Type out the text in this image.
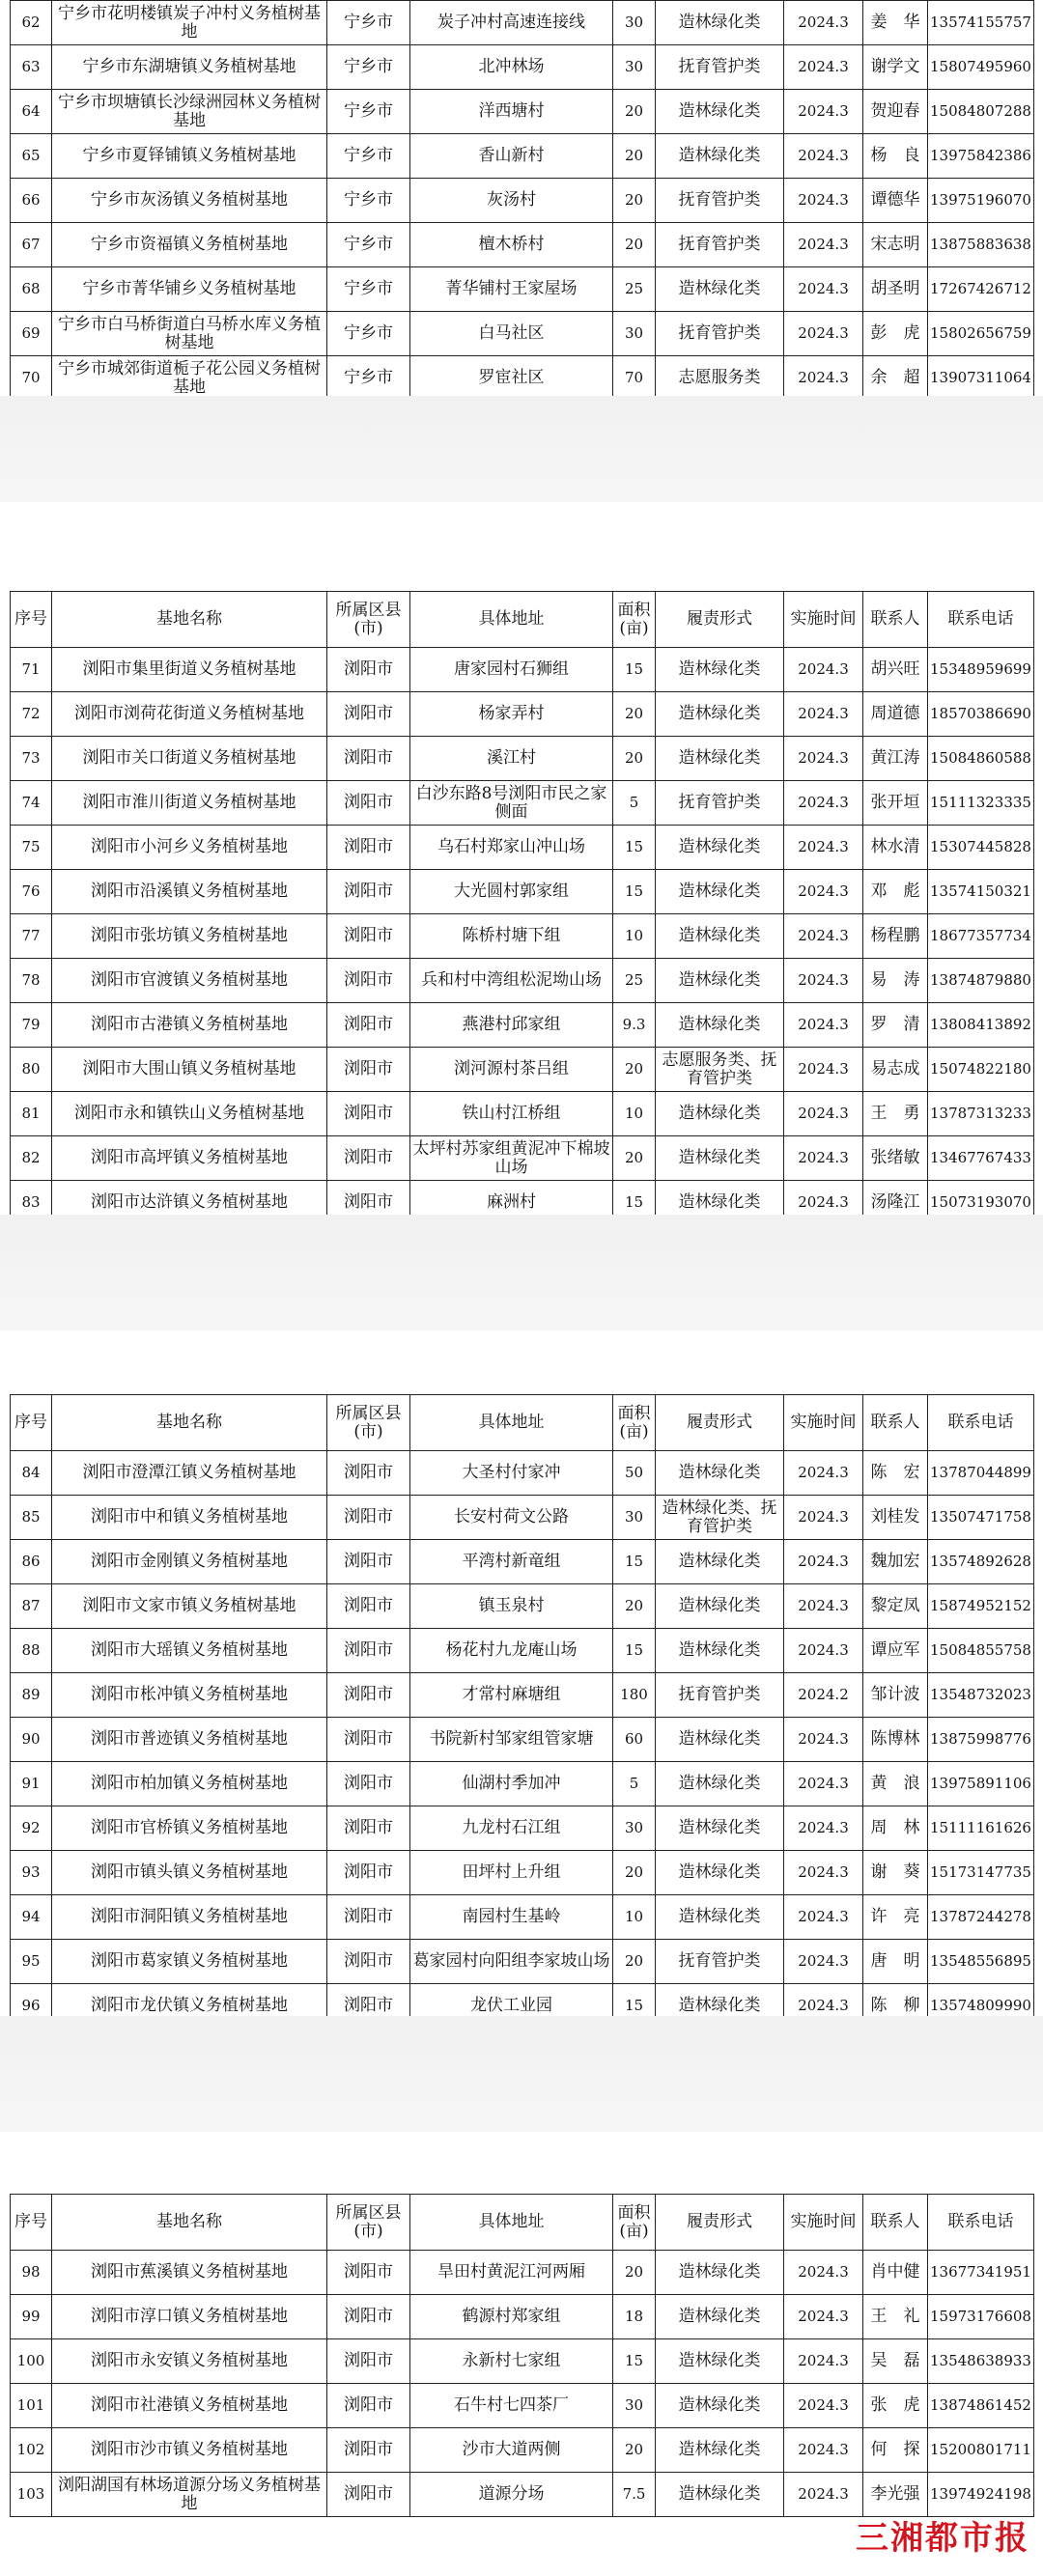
62	宁乡市花明楼镇炭子冲村义务植树基地	宁乡市	炭子冲村高速连接线	30	造林绿化类	2024.3	姜　华	13574155757
63	宁乡市东湖塘镇义务植树基地	宁乡市	北冲林场	30	抚育管护类	2024.3	谢学文	15807495960
64	宁乡市坝塘镇长沙绿洲园林义务植树基地	宁乡市	洋西塘村	20	造林绿化类	2024.3	贺迎春	15084807288
65	宁乡市夏铎铺镇义务植树基地	宁乡市	香山新村	20	造林绿化类	2024.3	杨　良	13975842386
66	宁乡市灰汤镇义务植树基地	宁乡市	灰汤村	20	抚育管护类	2024.3	谭德华	13975196070
67	宁乡市资福镇义务植树基地	宁乡市	檀木桥村	20	抚育管护类	2024.3	宋志明	13875883638
68	宁乡市菁华铺乡义务植树基地	宁乡市	菁华铺村王家屋场	25	造林绿化类	2024.3	胡圣明	17267426712
69	宁乡市白马桥街道白马桥水库义务植树基地	宁乡市	白马社区	30	抚育管护类	2024.3	彭　虎	15802656759
70	宁乡市城郊街道栀子花公园义务植树基地	宁乡市	罗宦社区	70	志愿服务类	2024.3	余　超	13907311064
序号	基地名称	所属区县(市)	具体地址	面积(亩)	履责形式	实施时间	联系人	联系电话
71	浏阳市集里街道义务植树基地	浏阳市	唐家园村石狮组	15	造林绿化类	2024.3	胡兴旺	15348959699
72	浏阳市浏荷花街道义务植树基地	浏阳市	杨家弄村	20	造林绿化类	2024.3	周道德	18570386690
73	浏阳市关口街道义务植树基地	浏阳市	溪江村	20	造林绿化类	2024.3	黄江涛	15084860588
74	浏阳市淮川街道义务植树基地	浏阳市	白沙东路8号浏阳市民之家侧面	5	抚育管护类	2024.3	张开垣	15111323335
75	浏阳市小河乡义务植树基地	浏阳市	乌石村郑家山冲山场	15	造林绿化类	2024.3	林水清	15307445828
76	浏阳市沿溪镇义务植树基地	浏阳市	大光圆村郭家组	15	造林绿化类	2024.3	邓　彪	13574150321
77	浏阳市张坊镇义务植树基地	浏阳市	陈桥村塘下组	10	造林绿化类	2024.3	杨程鹏	18677357734
78	浏阳市官渡镇义务植树基地	浏阳市	兵和村中湾组松泥坳山场	25	造林绿化类	2024.3	易　涛	13874879880
79	浏阳市古港镇义务植树基地	浏阳市	燕港村邱家组	9.3	造林绿化类	2024.3	罗　清	13808413892
80	浏阳市大围山镇义务植树基地	浏阳市	浏河源村茶吕组	20	志愿服务类、抚育管护类	2024.3	易志成	15074822180
81	浏阳市永和镇铁山义务植树基地	浏阳市	铁山村江桥组	10	造林绿化类	2024.3	王　勇	13787313233
82	浏阳市高坪镇义务植树基地	浏阳市	太坪村苏家组黄泥冲下棉坡山场	20	造林绿化类	2024.3	张绪敏	13467767433
83	浏阳市达浒镇义务植树基地	浏阳市	麻洲村	15	造林绿化类	2024.3	汤隆江	15073193070
序号	基地名称	所属区县(市)	具体地址	面积(亩)	履责形式	实施时间	联系人	联系电话
84	浏阳市澄潭江镇义务植树基地	浏阳市	大圣村付家冲	50	造林绿化类	2024.3	陈　宏	13787044899
85	浏阳市中和镇义务植树基地	浏阳市	长安村荷文公路	30	造林绿化类、抚育管护类	2024.3	刘桂发	13507471758
86	浏阳市金刚镇义务植树基地	浏阳市	平湾村新竜组	15	造林绿化类	2024.3	魏加宏	13574892628
87	浏阳市文家市镇义务植树基地	浏阳市	镇玉泉村	20	造林绿化类	2024.3	黎定凤	15874952152
88	浏阳市大瑶镇义务植树基地	浏阳市	杨花村九龙庵山场	15	造林绿化类	2024.3	谭应军	15084855758
89	浏阳市枨冲镇义务植树基地	浏阳市	才常村麻塘组	180	抚育管护类	2024.2	邹计波	13548732023
90	浏阳市普迹镇义务植树基地	浏阳市	书院新村邹家组管家塘	60	造林绿化类	2024.3	陈博林	13875998776
91	浏阳市柏加镇义务植树基地	浏阳市	仙湖村季加冲	5	造林绿化类	2024.3	黄　浪	13975891106
92	浏阳市官桥镇义务植树基地	浏阳市	九龙村石江组	30	造林绿化类	2024.3	周　林	15111161626
93	浏阳市镇头镇义务植树基地	浏阳市	田坪村上升组	20	造林绿化类	2024.3	谢　葵	15173147735
94	浏阳市洞阳镇义务植树基地	浏阳市	南园村生基岭	10	造林绿化类	2024.3	许　亮	13787244278
95	浏阳市葛家镇义务植树基地	浏阳市	葛家园村向阳组李家坡山场	20	抚育管护类	2024.3	唐　明	13548556895
96	浏阳市龙伏镇义务植树基地	浏阳市	龙伏工业园	15	造林绿化类	2024.3	陈　柳	13574809990

序号	基地名称	所属区县(市)	具体地址	面积(亩)	履责形式	实施时间	联系人	联系电话
98	浏阳市蕉溪镇义务植树基地	浏阳市	旱田村黄泥江河两厢	20	造林绿化类	2024.3	肖中健	13677341951
99	浏阳市淳口镇义务植树基地	浏阳市	鹤源村郑家组	18	造林绿化类	2024.3	王　礼	15973176608
100	浏阳市永安镇义务植树基地	浏阳市	永新村七家组	15	造林绿化类	2024.3	吴　磊	13548638933
101	浏阳市社港镇义务植树基地	浏阳市	石牛村七四茶厂	30	造林绿化类	2024.3	张　虎	13874861452
102	浏阳市沙市镇义务植树基地	浏阳市	沙市大道两侧	20	造林绿化类	2024.3	何　探	15200801711
103	浏阳湖国有林场道源分场义务植树基地	浏阳市	道源分场	7.5	造林绿化类	2024.3	李光强	13974924198
三湘都市报
